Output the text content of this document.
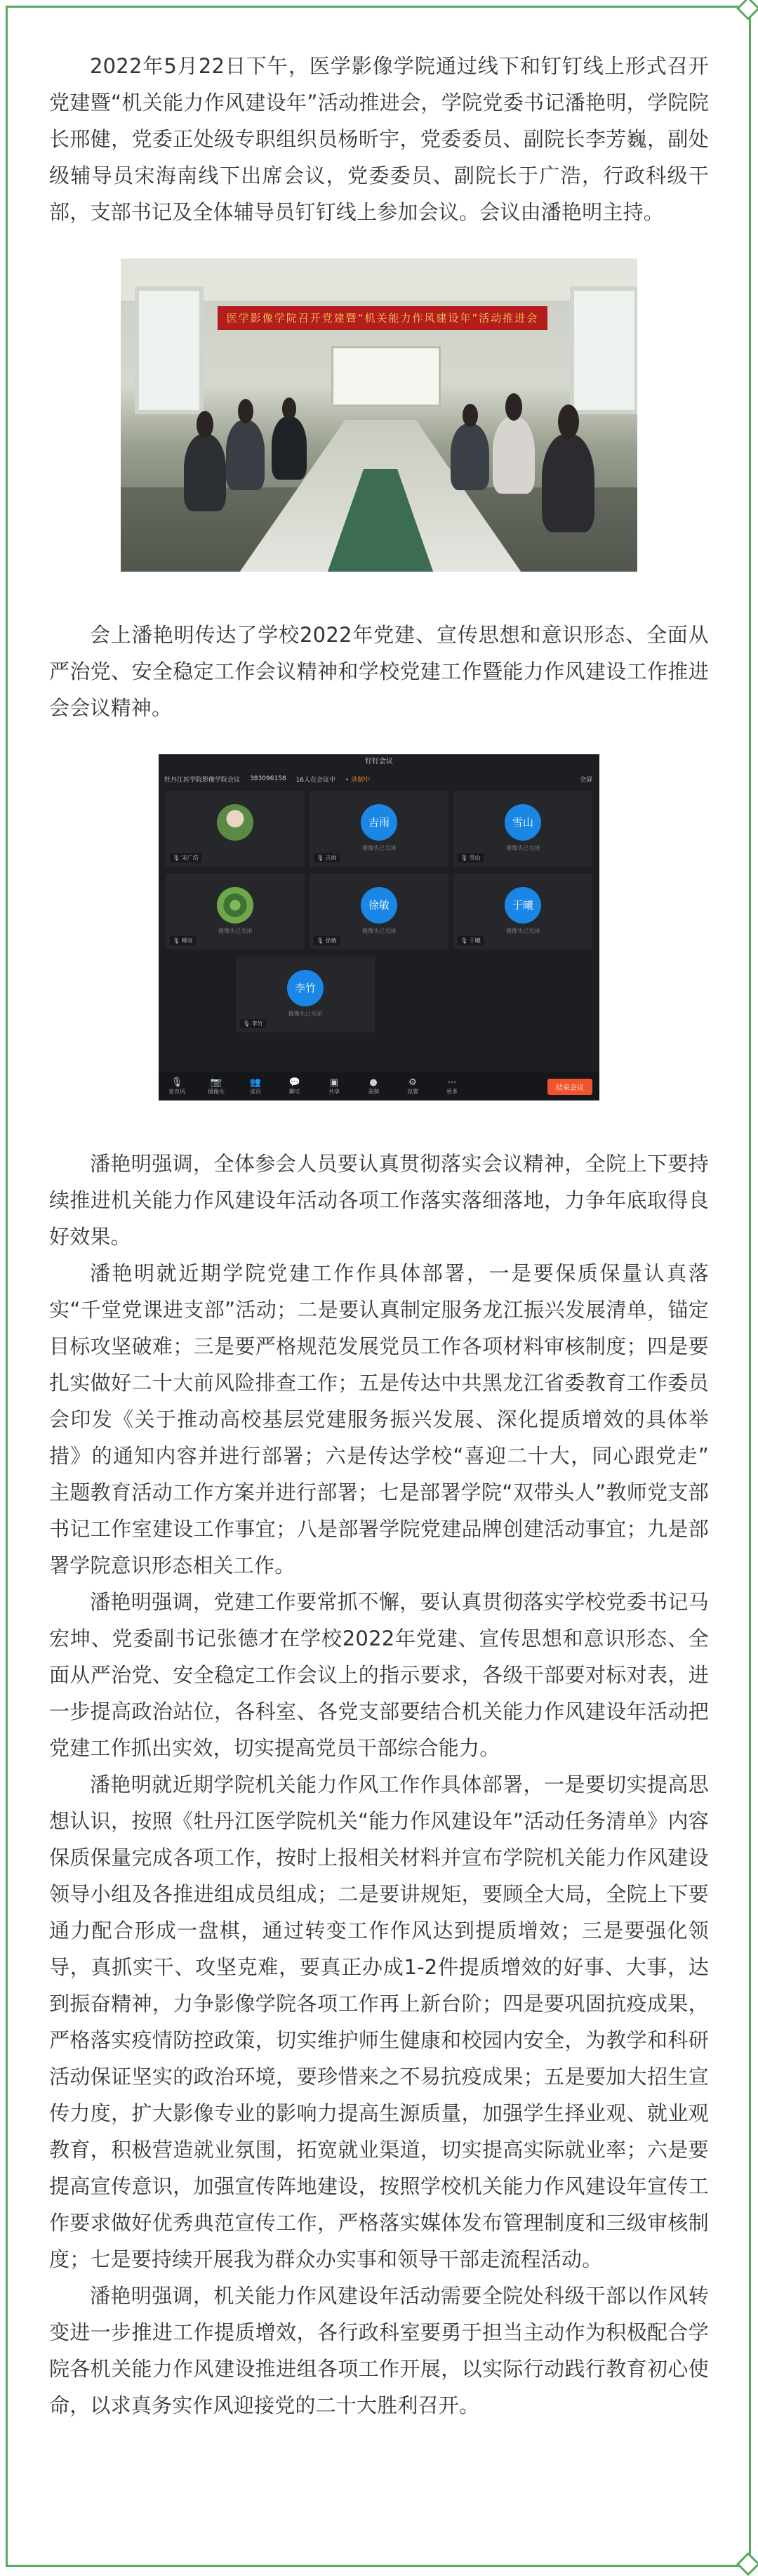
2022年5月22日下午，医学影像学院通过线下和钉钉线上形式召开党建暨“机关能力作风建设年”活动推进会，学院党委书记潘艳明，学院院长邢健，党委正处级专职组织员杨昕宇，党委委员、副院长李芳巍，副处级辅导员宋海南线下出席会议，党委委员、副院长于广浩，行政科级干部，支部书记及全体辅导员钉钉线上参加会议。会议由潘艳明主持。

医学影像学院召开党建暨“机关能力作风建设年”活动推进会

会上潘艳明传达了学校2022年党建、宣传思想和意识形态、全面从严治党、安全稳定工作会议精神和学校党建工作暨能力作风建设工作推进会会议精神。

钉钉会议
牡丹江医学院影像学院会议 383096158 16人在会议中 • 录制中	全屏
🎙 宋广浩
吉雨
摄像头已关闭
🎙 吉雨
雪山
摄像头已关闭
🎙 雪山
摄像头已关闭
🎙 柳亮
徐敏
摄像头已关闭
🎙 徐敏
于曦
摄像头已关闭
🎙 于曦
李竹
摄像头已关闭
🎙 李竹
🎙
麦克风
📷
摄像头
👥
成员
💬
聊天
▣
共享
●
录制
⚙
设置
⋯
更多	结束会议

潘艳明强调，全体参会人员要认真贯彻落实会议精神，全院上下要持续推进机关能力作风建设年活动各项工作落实落细落地，力争年底取得良好效果。

潘艳明就近期学院党建工作作具体部署，一是要保质保量认真落实“千堂党课进支部”活动；二是要认真制定服务龙江振兴发展清单，锚定目标攻坚破难；三是要严格规范发展党员工作各项材料审核制度；四是要扎实做好二十大前风险排查工作；五是传达中共黑龙江省委教育工作委员会印发《关于推动高校基层党建服务振兴发展、深化提质增效的具体举措》的通知内容并进行部署；六是传达学校“喜迎二十大，同心跟党走” 主题教育活动工作方案并进行部署；七是部署学院“双带头人”教师党支部书记工作室建设工作事宜；八是部署学院党建品牌创建活动事宜；九是部署学院意识形态相关工作。

潘艳明强调，党建工作要常抓不懈，要认真贯彻落实学校党委书记马宏坤、党委副书记张德才在学校2022年党建、宣传思想和意识形态、全面从严治党、安全稳定工作会议上的指示要求，各级干部要对标对表，进一步提高政治站位，各科室、各党支部要结合机关能力作风建设年活动把党建工作抓出实效，切实提高党员干部综合能力。

潘艳明就近期学院机关能力作风工作作具体部署，一是要切实提高思想认识，按照《牡丹江医学院机关“能力作风建设年”活动任务清单》内容保质保量完成各项工作，按时上报相关材料并宣布学院机关能力作风建设领导小组及各推进组成员组成；二是要讲规矩，要顾全大局，全院上下要通力配合形成一盘棋，通过转变工作作风达到提质增效；三是要强化领导，真抓实干、攻坚克难，要真正办成1-2件提质增效的好事、大事，达到振奋精神，力争影像学院各项工作再上新台阶；四是要巩固抗疫成果，严格落实疫情防控政策，切实维护师生健康和校园内安全，为教学和科研活动保证坚实的政治环境，要珍惜来之不易抗疫成果；五是要加大招生宣传力度，扩大影像专业的影响力提高生源质量，加强学生择业观、就业观教育，积极营造就业氛围，拓宽就业渠道，切实提高实际就业率；六是要提高宣传意识，加强宣传阵地建设，按照学校机关能力作风建设年宣传工作要求做好优秀典范宣传工作，严格落实媒体发布管理制度和三级审核制度；七是要持续开展我为群众办实事和领导干部走流程活动。

潘艳明强调，机关能力作风建设年活动需要全院处科级干部以作风转变进一步推进工作提质增效，各行政科室要勇于担当主动作为积极配合学院各机关能力作风建设推进组各项工作开展，以实际行动践行教育初心使命，以求真务实作风迎接党的二十大胜利召开。
